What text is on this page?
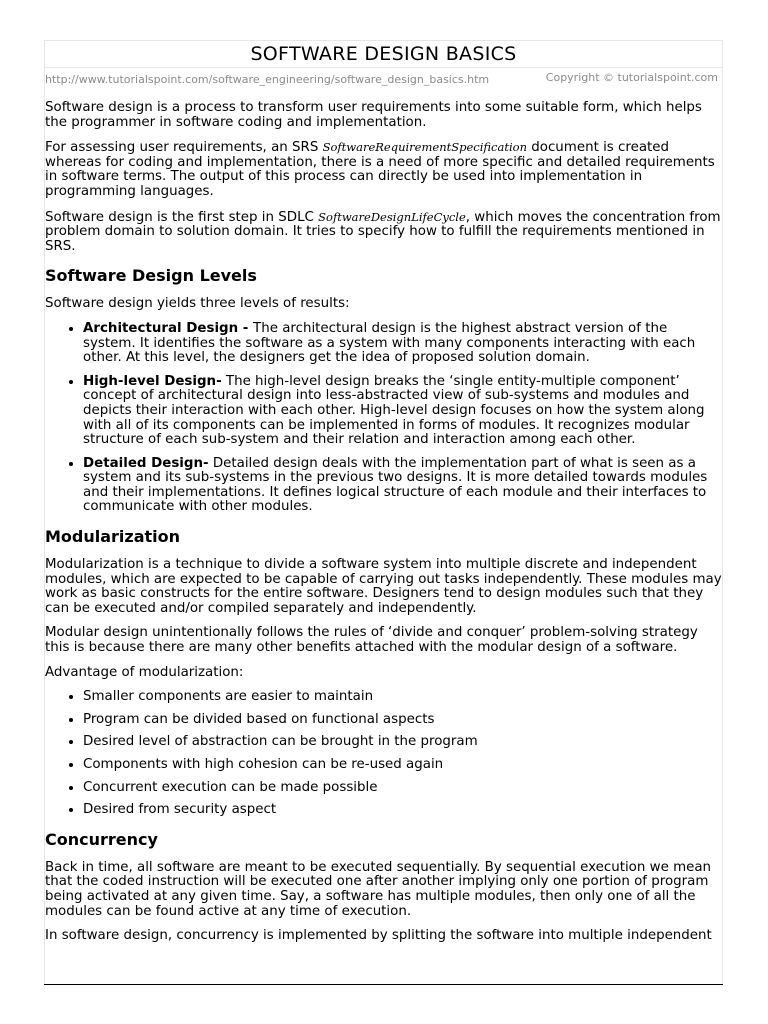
SOFTWARE DESIGN BASICS
http://www.tutorialspoint.com/software_engineering/software_design_basics.htm	Copyright © tutorialspoint.com

Software design is a process to transform user requirements into some suitable form, which helps the programmer in software coding and implementation.

For assessing user requirements, an SRS SoftwareRequirementSpecification document is created whereas for coding and implementation, there is a need of more specific and detailed requirements in software terms. The output of this process can directly be used into implementation in programming languages.

Software design is the first step in SDLC SoftwareDesignLifeCycle, which moves the concentration from problem domain to solution domain. It tries to specify how to fulfill the requirements mentioned in SRS.

Software Design Levels

Software design yields three levels of results:

• Architectural Design - The architectural design is the highest abstract version of the system. It identifies the software as a system with many components interacting with each other. At this level, the designers get the idea of proposed solution domain.
• High-level Design- The high-level design breaks the ‘single entity-multiple component’ concept of architectural design into less-abstracted view of sub-systems and modules and depicts their interaction with each other. High-level design focuses on how the system along with all of its components can be implemented in forms of modules. It recognizes modular structure of each sub-system and their relation and interaction among each other.
• Detailed Design- Detailed design deals with the implementation part of what is seen as a system and its sub-systems in the previous two designs. It is more detailed towards modules and their implementations. It defines logical structure of each module and their interfaces to communicate with other modules.
Modularization

Modularization is a technique to divide a software system into multiple discrete and independent modules, which are expected to be capable of carrying out tasks independently. These modules may work as basic constructs for the entire software. Designers tend to design modules such that they can be executed and/or compiled separately and independently.

Modular design unintentionally follows the rules of ‘divide and conquer’ problem-solving strategy this is because there are many other benefits attached with the modular design of a software.

Advantage of modularization:

• Smaller components are easier to maintain
• Program can be divided based on functional aspects
• Desired level of abstraction can be brought in the program
• Components with high cohesion can be re-used again
• Concurrent execution can be made possible
• Desired from security aspect
Concurrency

Back in time, all software are meant to be executed sequentially. By sequential execution we mean that the coded instruction will be executed one after another implying only one portion of program being activated at any given time. Say, a software has multiple modules, then only one of all the modules can be found active at any time of execution.

In software design, concurrency is implemented by splitting the software into multiple independent
